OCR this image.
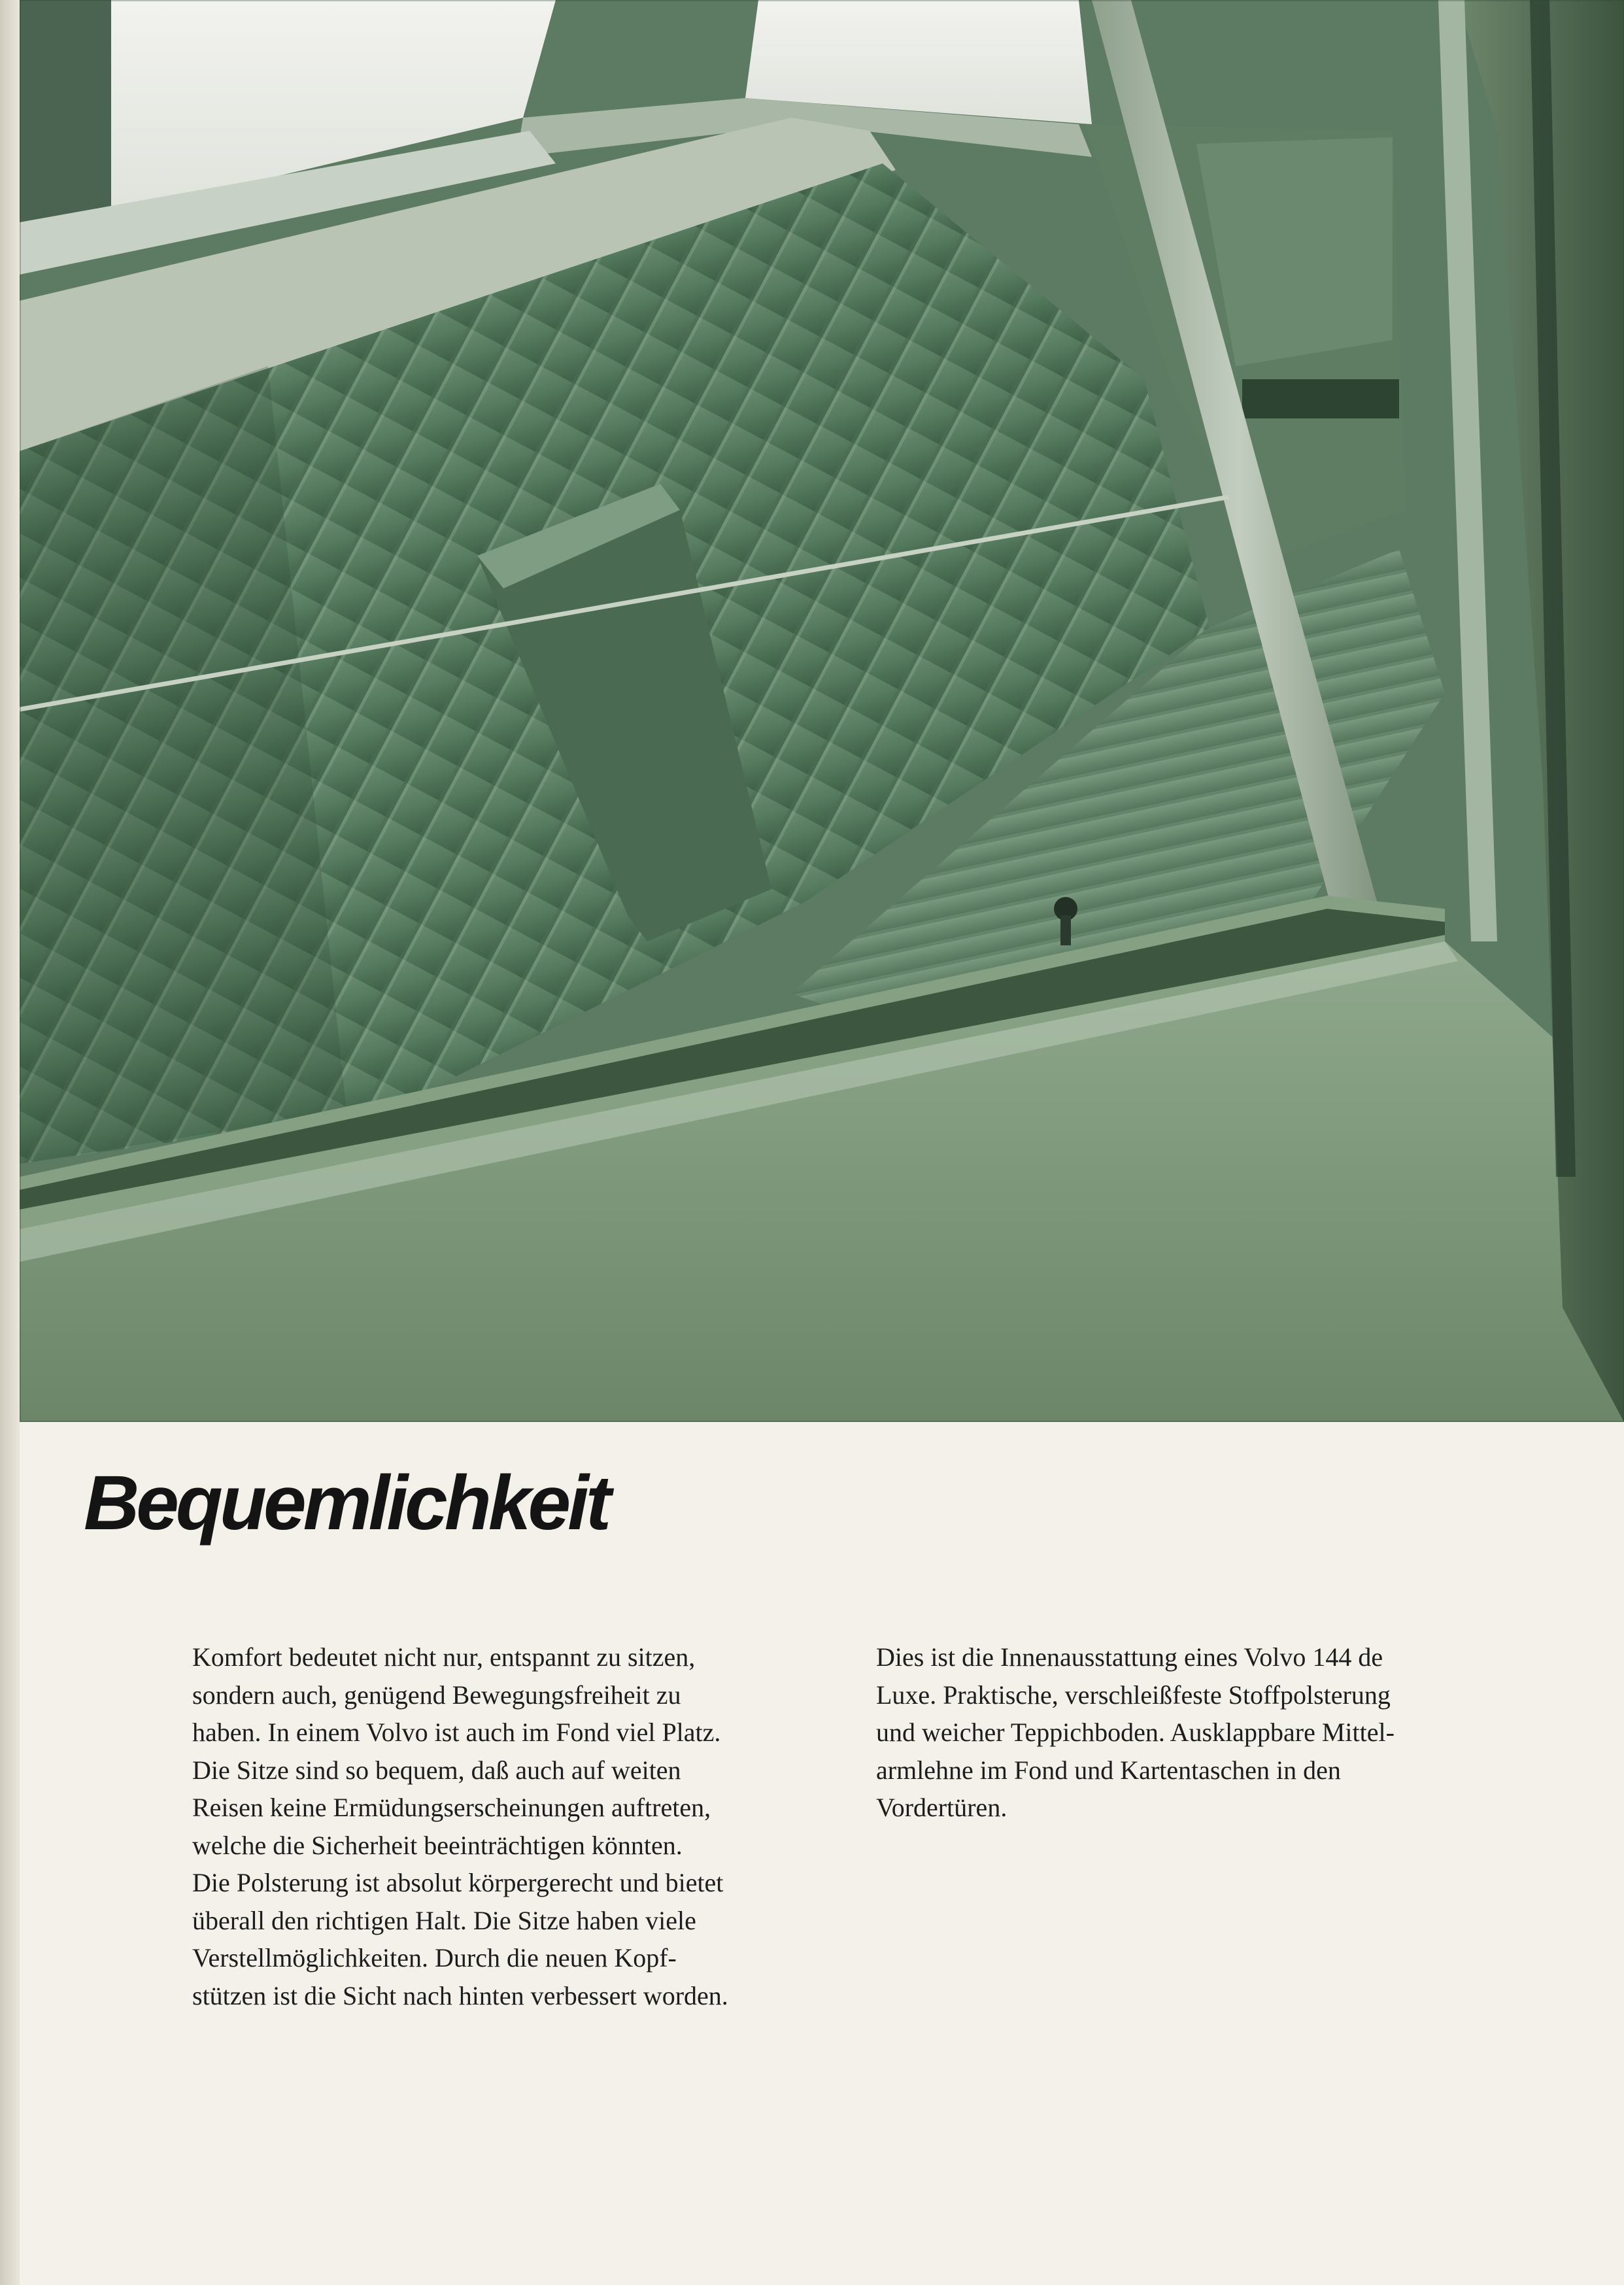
Bequemlichkeit

Komfort bedeutet nicht nur, entspannt zu sitzen,
sondern auch, genügend Bewegungsfreiheit zu
haben. In einem Volvo ist auch im Fond viel Platz.
Die Sitze sind so bequem, daß auch auf weiten
Reisen keine Ermüdungserscheinungen auftreten,
welche die Sicherheit beeinträchtigen könnten.
Die Polsterung ist absolut körpergerecht und bietet
überall den richtigen Halt. Die Sitze haben viele
Verstellmöglichkeiten. Durch die neuen Kopf-
stützen ist die Sicht nach hinten verbessert worden.

Dies ist die Innenausstattung eines Volvo 144 de
Luxe. Praktische, verschleißfeste Stoffpolsterung
und weicher Teppichboden. Ausklappbare Mittel-
armlehne im Fond und Kartentaschen in den
Vordertüren.
